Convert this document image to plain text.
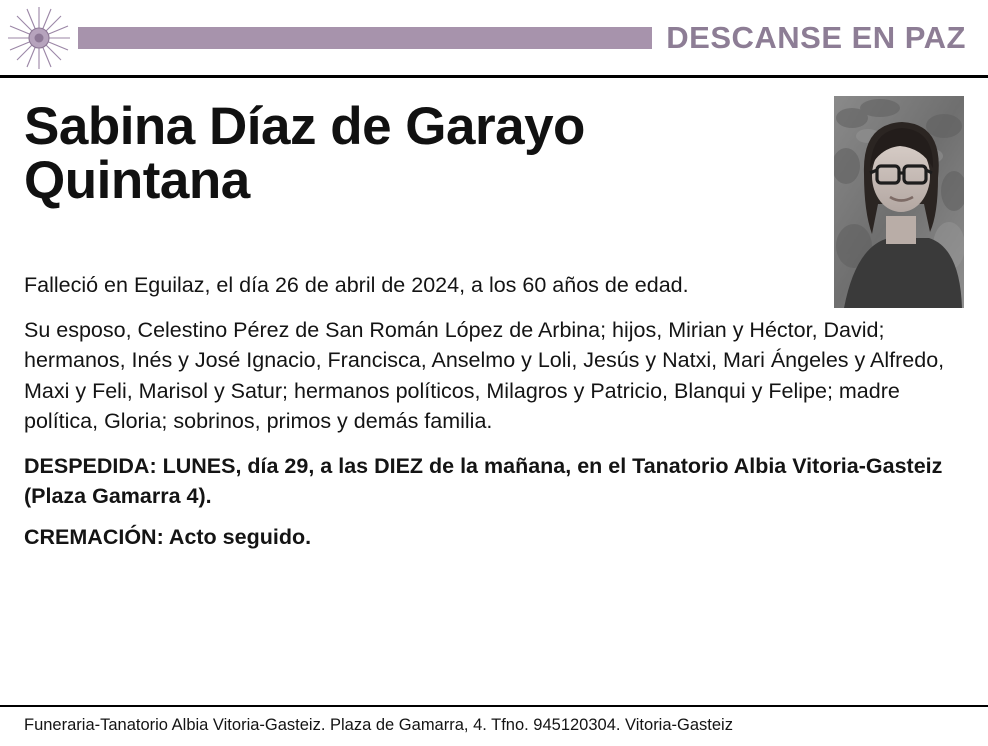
DESCANSE EN PAZ
Sabina Díaz de Garayo Quintana

Falleció en Eguilaz, el día 26 de abril de 2024, a los 60 años de edad.

Su esposo, Celestino Pérez de San Román López de Arbina; hijos, Mirian y Héctor, David; hermanos, Inés y José Ignacio, Francisca, Anselmo y Loli, Jesús y Natxi, Mari Ángeles y Alfredo, Maxi y Feli, Marisol y Satur; hermanos políticos, Milagros y Patricio, Blanqui y Felipe; madre política, Gloria; sobrinos, primos y demás familia.

DESPEDIDA: LUNES, día 29, a las DIEZ de la mañana, en el Tanatorio Albia Vitoria-Gasteiz (Plaza Gamarra 4).

CREMACIÓN: Acto seguido.

Funeraria-Tanatorio Albia Vitoria-Gasteiz. Plaza de Gamarra, 4. Tfno. 945120304. Vitoria-Gasteiz
